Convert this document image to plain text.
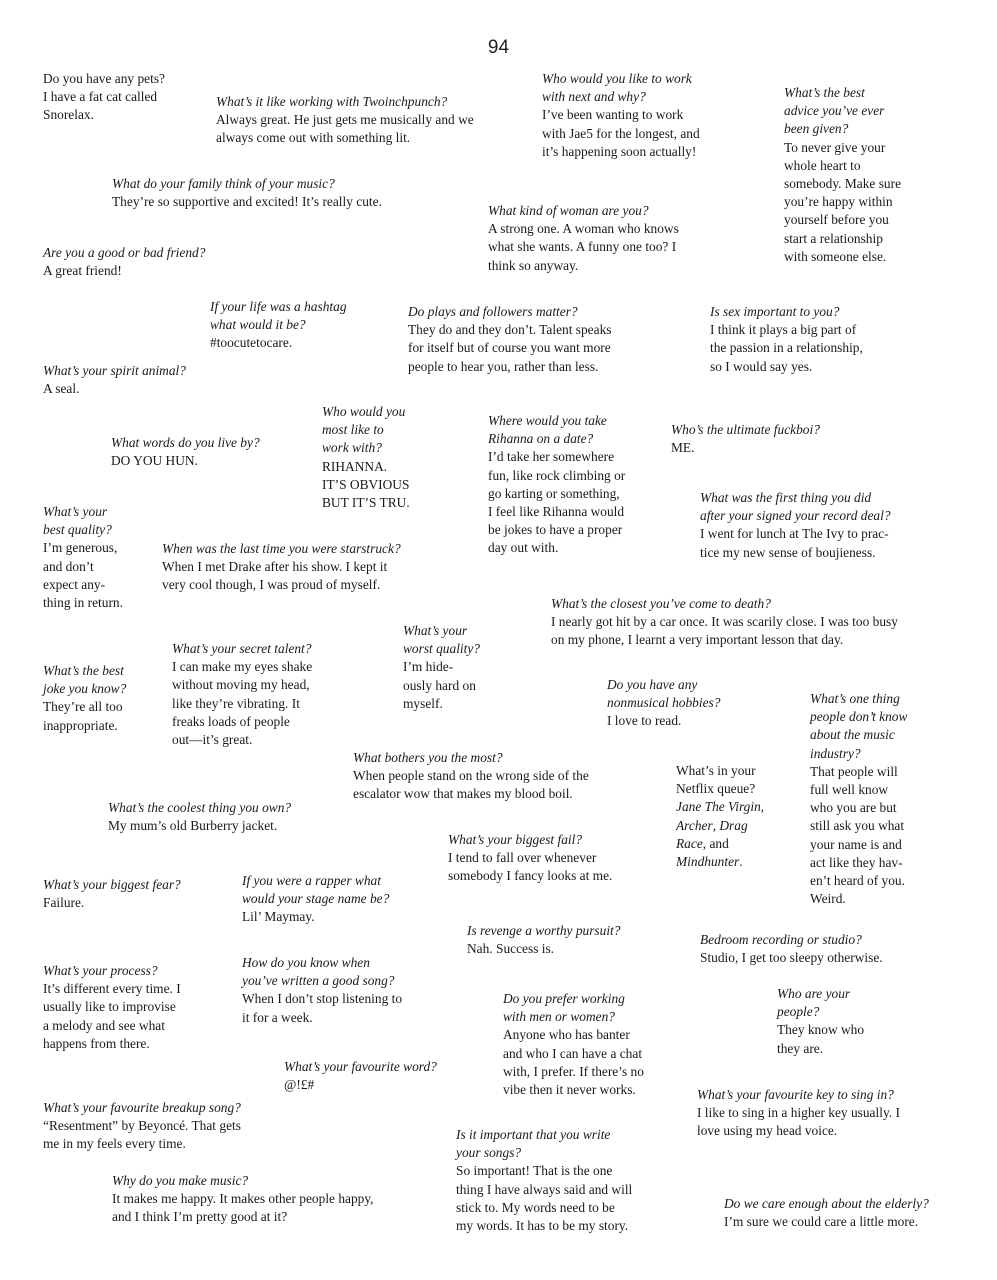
94
Do you have any pets?
I have a fat cat called
Snorelax.
What’s it like working with Twoinchpunch?
Always great. He just gets me musically and we
always come out with something lit.
Who would you like to work
with next and why?
I’ve been wanting to work
with Jae5 for the longest, and
it’s happening soon actually!
What’s the best
advice you’ve ever
been given?
To never give your
whole heart to
somebody. Make sure
you’re happy within
yourself before you
start a relationship
with someone else.
What do your family think of your music?
They’re so supportive and excited! It’s really cute.
What kind of woman are you?
A strong one. A woman who knows
what she wants. A funny one too? I
think so anyway.
Are you a good or bad friend?
A great friend!
If your life was a hashtag
what would it be?
#toocutetocare.
Do plays and followers matter?
They do and they don’t. Talent speaks
for itself but of course you want more
people to hear you, rather than less.
Is sex important to you?
I think it plays a big part of
the passion in a relationship,
so I would say yes.
What’s your spirit animal?
A seal.
Who would you
most like to
work with?
RIHANNA.
IT’S OBVIOUS
BUT IT’S TRU.
Where would you take
Rihanna on a date?
I’d take her somewhere
fun, like rock climbing or
go karting or something,
I feel like Rihanna would
be jokes to have a proper
day out with.
Who’s the ultimate fuckboi?
ME.
What words do you live by?
DO YOU HUN.
What was the first thing you did
after your signed your record deal?
I went for lunch at The Ivy to prac-
tice my new sense of boujieness.
What’s your
best quality?
I’m generous,
and don’t
expect any-
thing in return.
When was the last time you were starstruck?
When I met Drake after his show. I kept it
very cool though, I was proud of myself.
What’s the closest you’ve come to death?
I nearly got hit by a car once. It was scarily close. I was too busy
on my phone, I learnt a very important lesson that day.
What’s your
worst quality?
I’m hide-
ously hard on
myself.
What’s your secret talent?
I can make my eyes shake
without moving my head,
like they’re vibrating. It
freaks loads of people
out—it’s great.
What’s the best
joke you know?
They’re all too
inappropriate.
Do you have any
nonmusical hobbies?
I love to read.
What’s one thing
people don’t know
about the music
industry?
That people will
full well know
who you are but
still ask you what
your name is and
act like they hav-
en’t heard of you.
Weird.
What bothers you the most?
When people stand on the wrong side of the
escalator wow that makes my blood boil.
What’s in your
Netflix queue?
Jane The Virgin,
Archer, Drag
Race, and
Mindhunter.
What’s the coolest thing you own?
My mum’s old Burberry jacket.
What’s your biggest fail?
I tend to fall over whenever
somebody I fancy looks at me.
What’s your biggest fear?
Failure.
If you were a rapper what
would your stage name be?
Lil’ Maymay.
Is revenge a worthy pursuit?
Nah. Success is.
Bedroom recording or studio?
Studio, I get too sleepy otherwise.
What’s your process?
It’s different every time. I
usually like to improvise
a melody and see what
happens from there.
How do you know when
you’ve written a good song?
When I don’t stop listening to
it for a week.
Do you prefer working
with men or women?
Anyone who has banter
and who I can have a chat
with, I prefer. If there’s no
vibe then it never works.
Who are your
people?
They know who
they are.
What’s your favourite word?
@!£#
What’s your favourite key to sing in?
I like to sing in a higher key usually. I
love using my head voice.
What’s your favourite breakup song?
“Resentment” by Beyoncé. That gets
me in my feels every time.
Is it important that you write
your songs?
So important! That is the one
thing I have always said and will
stick to. My words need to be
my words. It has to be my story.
Why do you make music?
It makes me happy. It makes other people happy,
and I think I’m pretty good at it?
Do we care enough about the elderly?
I’m sure we could care a little more.
